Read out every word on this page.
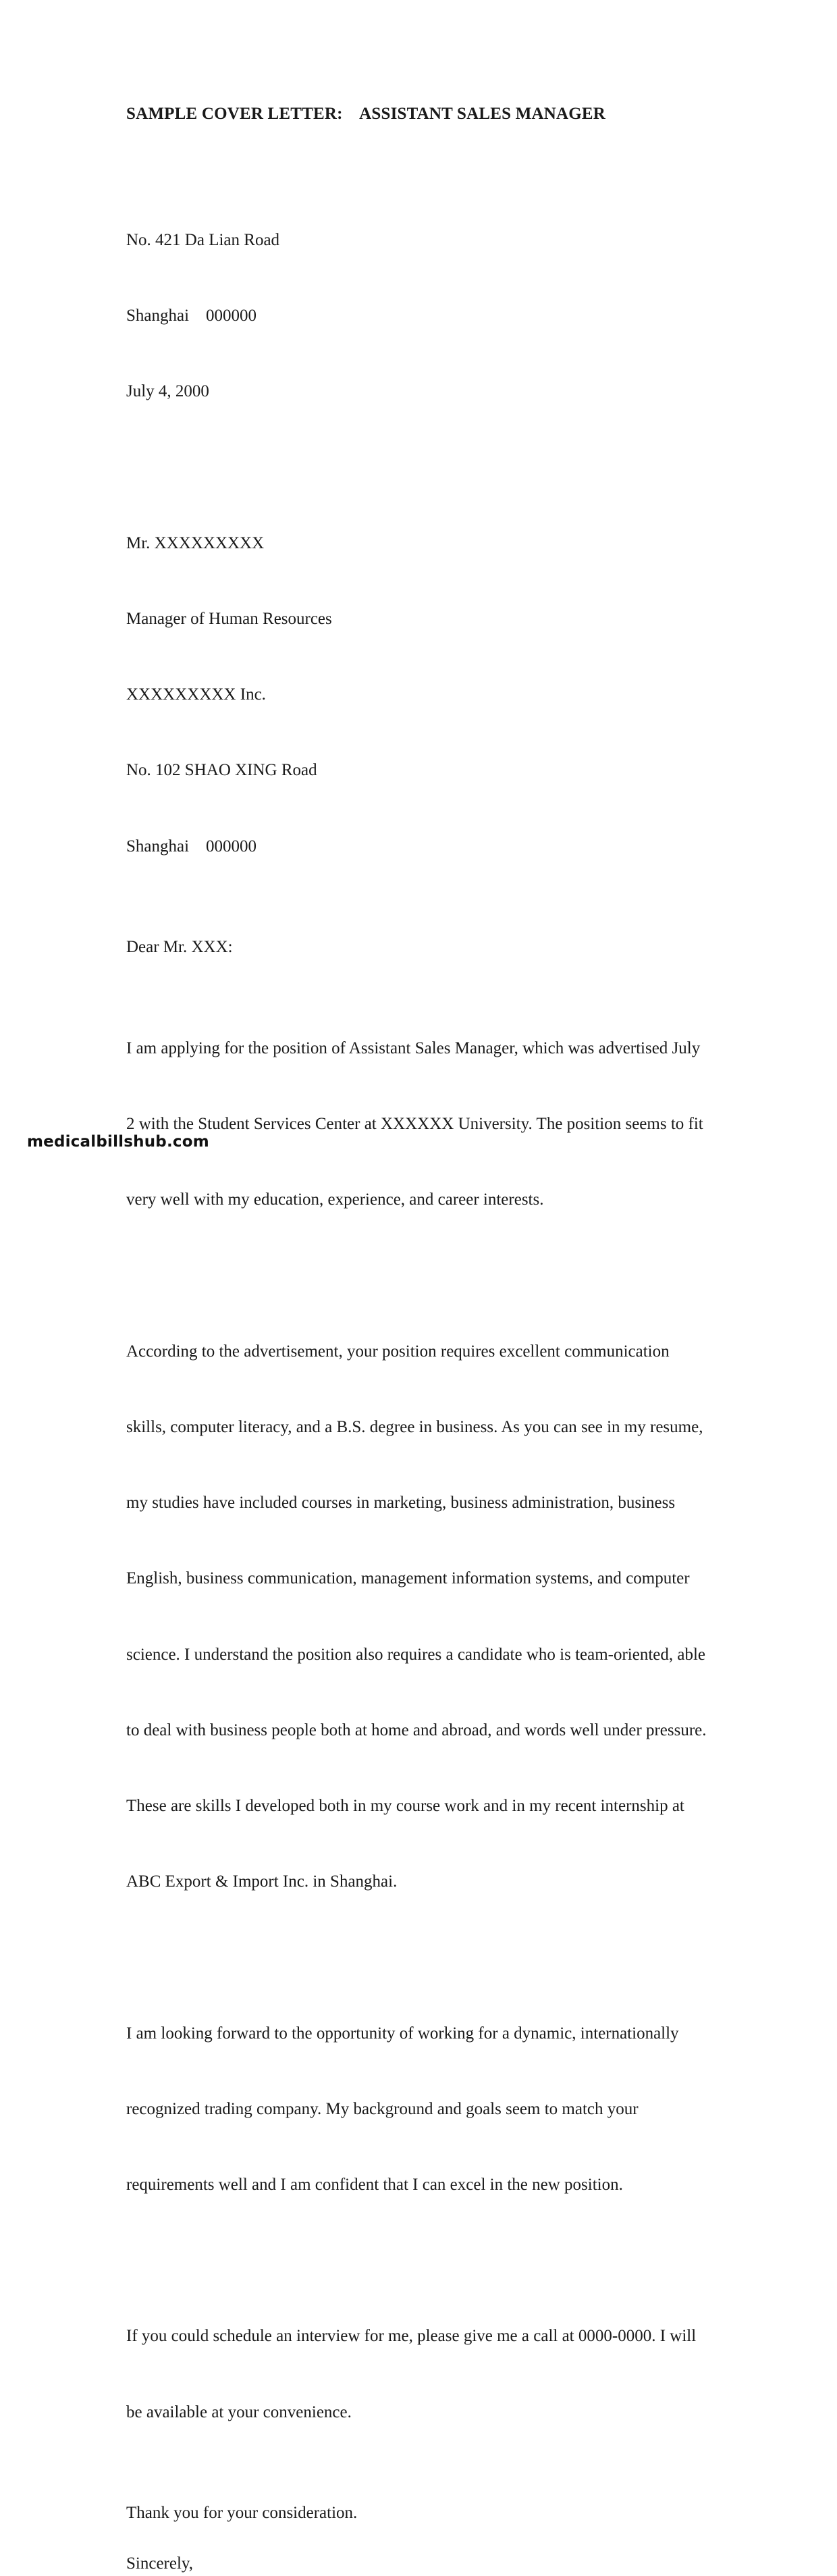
SAMPLE COVER LETTER:    ASSISTANT SALES MANAGER

No. 421 Da Lian Road

Shanghai    000000

July 4, 2000

Mr. XXXXXXXXX

Manager of Human Resources

XXXXXXXXX Inc.

No. 102 SHAO XING Road

Shanghai    000000

Dear Mr. XXX:

I am applying for the position of Assistant Sales Manager, which was advertised July

2 with the Student Services Center at XXXXXX University. The position seems to fit

very well with my education, experience, and career interests.

According to the advertisement, your position requires excellent communication

skills, computer literacy, and a B.S. degree in business. As you can see in my resume,

my studies have included courses in marketing, business administration, business

English, business communication, management information systems, and computer

science. I understand the position also requires a candidate who is team-oriented, able

to deal with business people both at home and abroad, and words well under pressure.

These are skills I developed both in my course work and in my recent internship at

ABC Export & Import Inc. in Shanghai.

I am looking forward to the opportunity of working for a dynamic, internationally

recognized trading company. My background and goals seem to match your

requirements well and I am confident that I can excel in the new position.

If you could schedule an interview for me, please give me a call at 0000-0000. I will

be available at your convenience.

Thank you for your consideration.
Sincerely,
medicalbillshub.com
